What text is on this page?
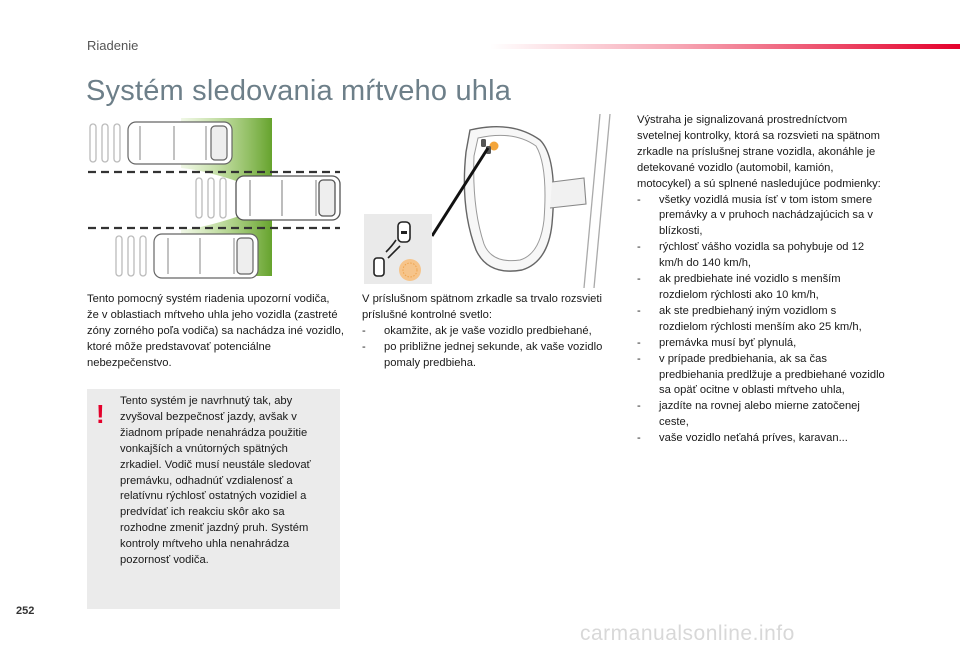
Riadenie
Systém sledovania mŕtveho uhla
Tento pomocný systém riadenia upozorní vodiča, že v oblastiach mŕtveho uhla jeho vozidla (zastreté zóny zorného poľa vodiča) sa nachádza iné vozidlo, ktoré môže predstavovať potenciálne nebezpečenstvo.
! Tento systém je navrhnutý tak, aby zvyšoval bezpečnosť jazdy, avšak v žiadnom prípade nenahrádza použitie vonkajších a vnútorných spätných zrkadiel. Vodič musí neustále sledovať premávku, odhadnúť vzdialenosť a relatívnu rýchlosť ostatných vozidiel a predvídať ich reakciu skôr ako sa rozhodne zmeniť jazdný pruh. Systém kontroly mŕtveho uhla nenahrádza pozornosť vodiča.
V príslušnom spätnom zrkadle sa trvalo rozsvieti príslušné kontrolné svetlo:
- okamžite, ak je vaše vozidlo predbiehané,
- po približne jednej sekunde, ak vaše vozidlo pomaly predbieha.
Výstraha je signalizovaná prostredníctvom svetelnej kontrolky, ktorá sa rozsvieti na spätnom zrkadle na príslušnej strane vozidla, akonáhle je detekované vozidlo (automobil, kamión, motocykel) a sú splnené nasledujúce podmienky:
- všetky vozidlá musia ísť v tom istom smere premávky a v pruhoch nachádzajúcich sa v blízkosti,
- rýchlosť vášho vozidla sa pohybuje od 12 km/h do 140 km/h,
- ak predbiehate iné vozidlo s menším rozdielom rýchlosti ako 10 km/h,
- ak ste predbiehaný iným vozidlom s rozdielom rýchlosti menším ako 25 km/h,
- premávka musí byť plynulá,
- v prípade predbiehania, ak sa čas predbiehania predlžuje a predbiehané vozidlo sa opäť ocitne v oblasti mŕtveho uhla,
- jazdíte na rovnej alebo mierne zatočenej ceste,
- vaše vozidlo neťahá príves, karavan...
252
carmanualsonline.info
